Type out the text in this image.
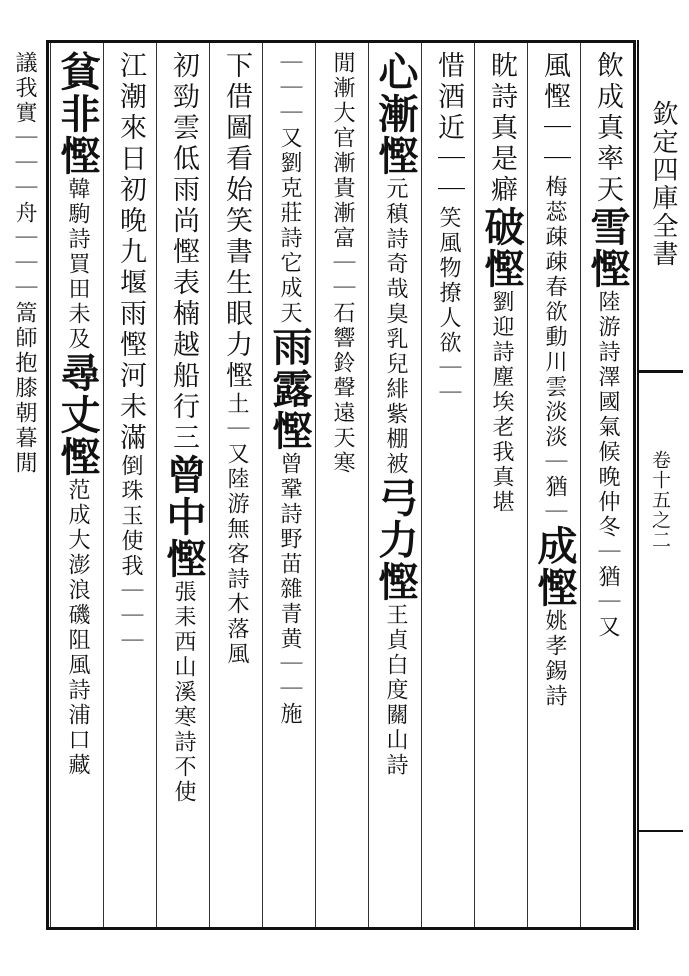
欽定四庫全書
卷十五之二
飲成真率天
雪慳
陸游詩澤國氣候晚仲冬｜猶｜又
風慳｜｜
梅蕊疎疎春欲動川雲淡淡｜猶｜
成慳
姚孝錫詩
眈詩真是癖
破慳
劉迎詩塵埃老我真堪
惜酒近｜｜
笑風物撩人欲｜｜
心漸慳
元稹詩奇哉臭乳兒緋紫棚被
弓力慳
王貞白度關山詩
閒漸大官漸貴漸富｜｜
石響鈴聲遠天寒
｜｜｜又劉克莊詩它成天
雨露慳
曾鞏詩野苗雜青黄｜｜施
下借圖看始笑書生眼力慳
土｜又陸游無客詩木落風
初勁雲低雨尚慳表楠越船行三
曾中慳
張耒西山溪寒詩不使
江潮來日初晚九堰雨慳河未滿
倒珠玉使我｜｜｜
貧非慳
韓駒詩買田未及
尋丈慳
范成大澎浪磯阻風詩浦口藏
議我實｜｜｜
舟｜｜｜篙師抱膝朝暮閒
